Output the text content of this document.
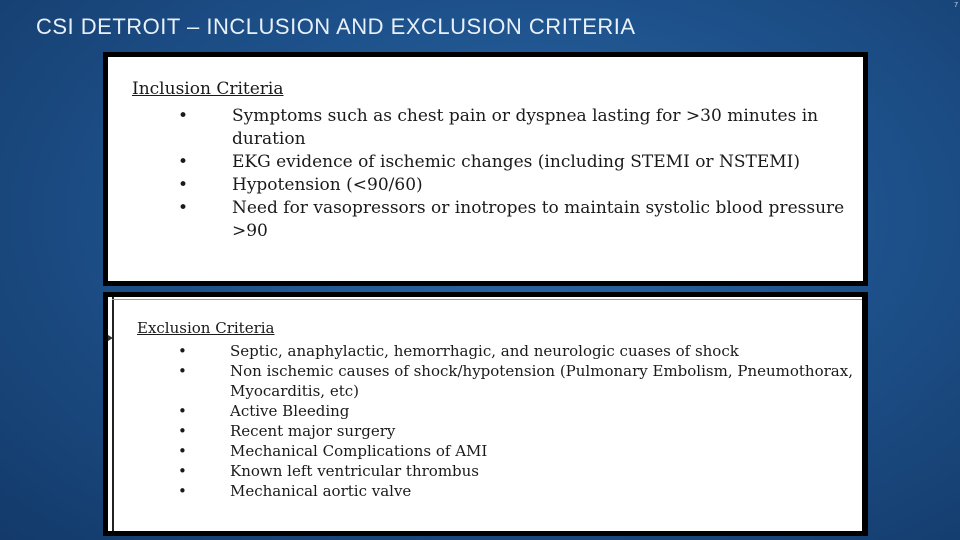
CSI DETROIT – INCLUSION AND EXCLUSION CRITERIA
7
Inclusion Criteria
•	Symptoms such as chest pain or dyspnea lasting for >30 minutes in duration
•	EKG evidence of ischemic changes (including STEMI or NSTEMI)
•	Hypotension (<90/60)
•	Need for vasopressors or inotropes to maintain systolic blood pressure >90
Exclusion Criteria
•	Septic, anaphylactic, hemorrhagic, and neurologic cuases of shock
•	Non ischemic causes of shock/hypotension (Pulmonary Embolism, Pneumothorax, Myocarditis, etc)
•	Active Bleeding
•	Recent major surgery
•	Mechanical Complications of AMI
•	Known left ventricular thrombus
•	Mechanical aortic valve
